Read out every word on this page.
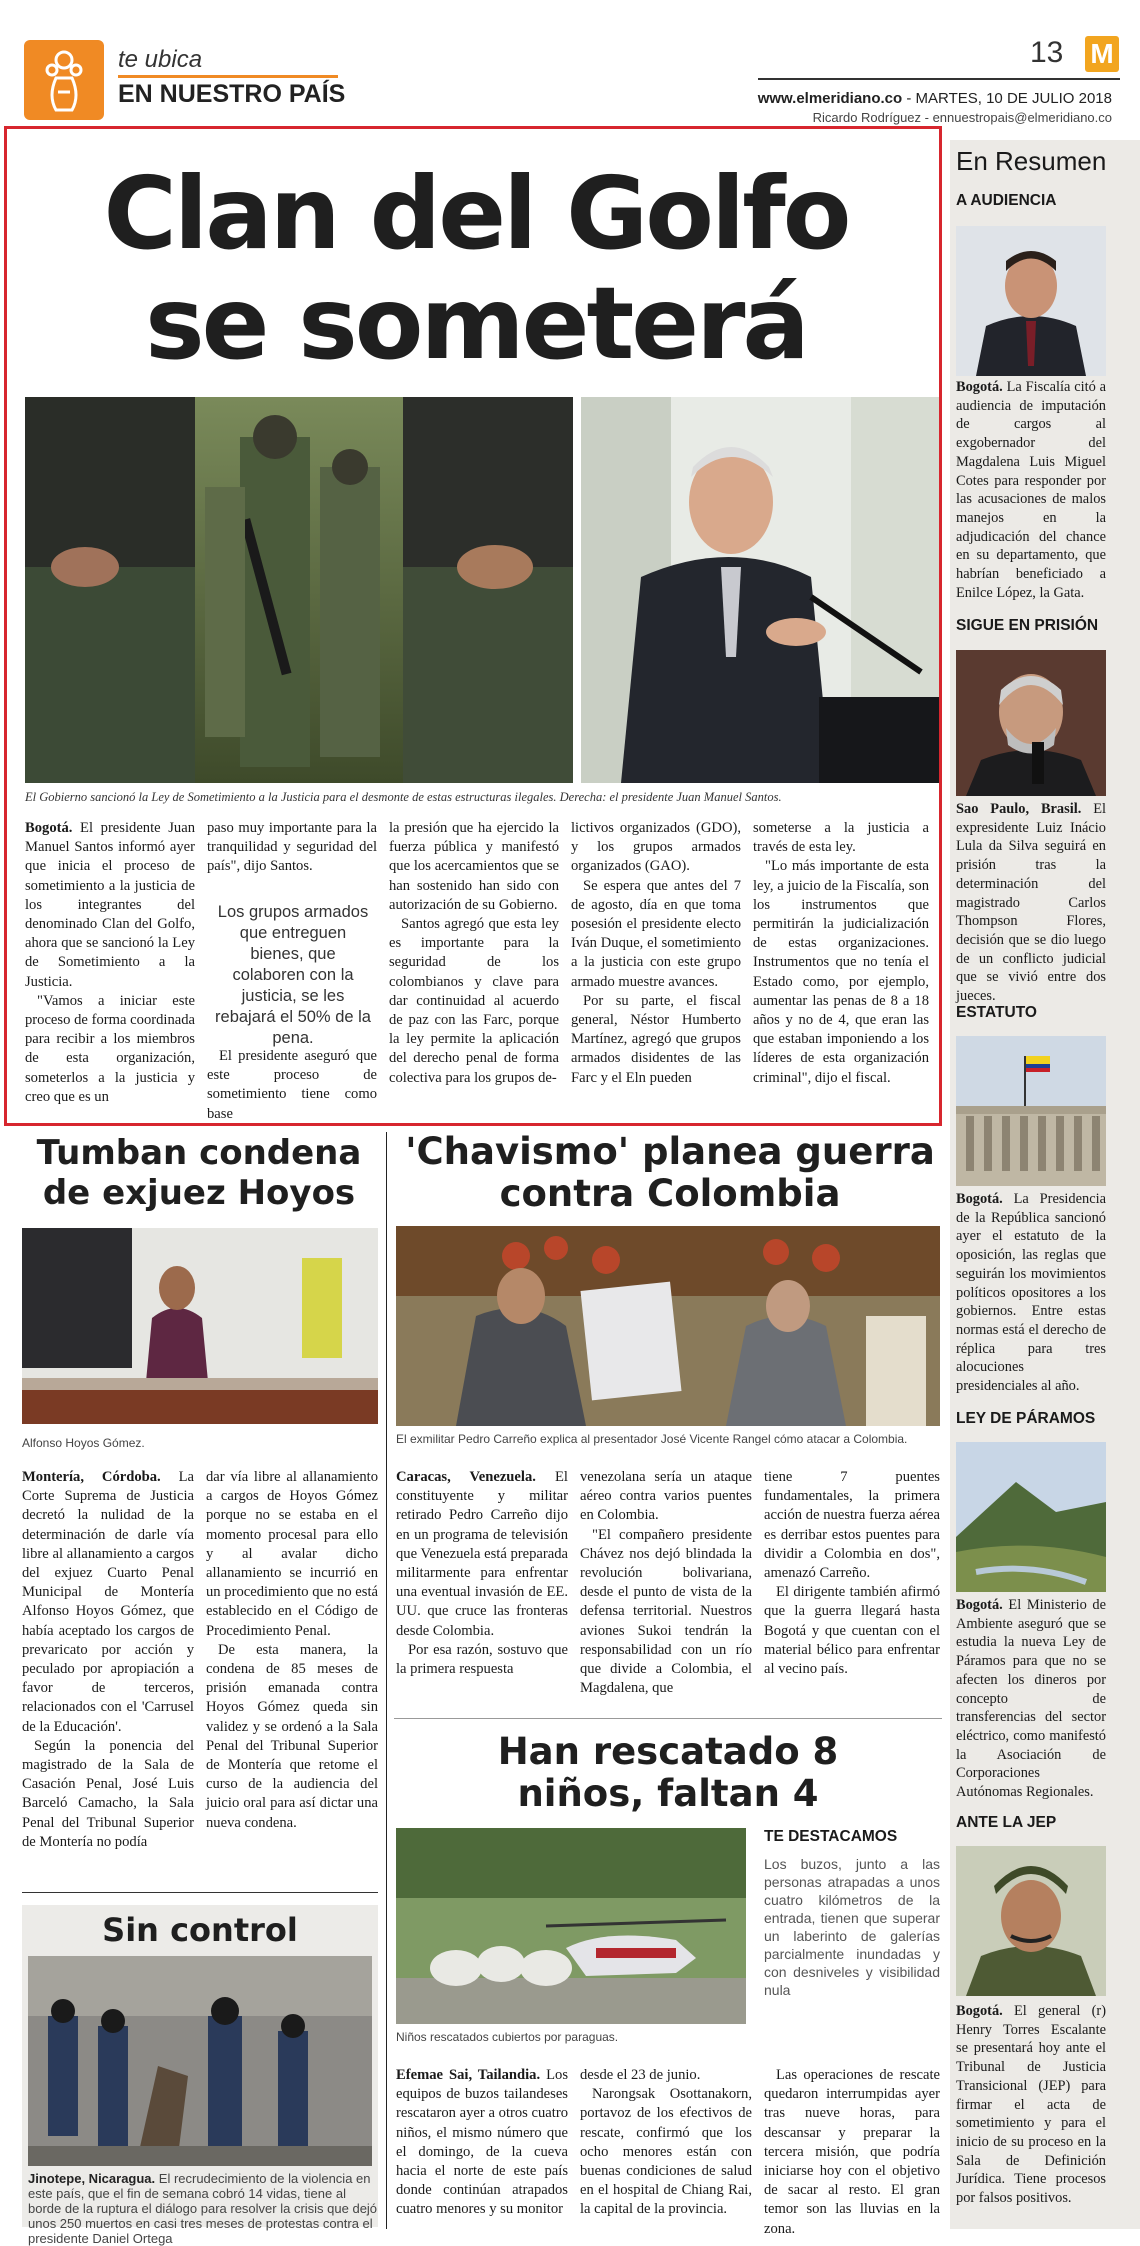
te ubica
EN NUESTRO PAÍS
13 M
www.elmeridiano.co - MARTES, 10 DE JULIO 2018
Ricardo Rodríguez - ennuestropais@elmeridiano.co
Clan del Golfo
se someterá
El Gobierno sancionó la Ley de Sometimiento a la Justicia para el desmonte de estas estructuras ilegales. Derecha: el presidente Juan Manuel Santos.

Bogotá. El presidente Juan Manuel Santos informó ayer que inicia el proceso de sometimiento a la justicia de los integrantes del denominado Clan del Golfo, ahora que se sancionó la Ley de Sometimiento a la Justicia.

"Vamos a iniciar este proceso de forma coordinada para recibir a los miembros de esta organización, someterlos a la justicia y creo que es un

paso muy importante para la tranquilidad y seguridad del país", dijo Santos.

Los grupos armados que entreguen bienes, que colaboren con la justicia, se les rebajará el 50% de la pena.

El presidente aseguró que este proceso de sometimiento tiene como base

la presión que ha ejercido la fuerza pública y manifestó que los acercamientos que se han sostenido han sido con autorización de su Gobierno.

Santos agregó que esta ley es importante para la seguridad de los colombianos y clave para dar continuidad al acuerdo de paz con las Farc, porque la ley permite la aplicación del derecho penal de forma colectiva para los grupos de-

lictivos organizados (GDO), y los grupos armados organizados (GAO).

Se espera que antes del 7 de agosto, día en que toma posesión el presidente electo Iván Duque, el sometimiento a la justicia con este grupo armado muestre avances.

Por su parte, el fiscal general, Néstor Humberto Martínez, agregó que grupos armados disidentes de las Farc y el Eln pueden

someterse a la justicia a través de esta ley.

"Lo más importante de esta ley, a juicio de la Fiscalía, son los instrumentos que permitirán la judicialización de estas organizaciones. Instrumentos que no tenía el Estado como, por ejemplo, aumentar las penas de 8 a 18 años y no de 4, que eran las que estaban imponiendo a los líderes de esta organización criminal", dijo el fiscal.

En Resumen
A AUDIENCIA
Bogotá. La Fiscalía citó a audiencia de imputación de cargos al exgobernador del Magdalena Luis Miguel Cotes para responder por las acusaciones de malos manejos en la adjudicación del chance en su departamento, que habrían beneficiado a Enilce López, la Gata.
SIGUE EN PRISIÓN
Sao Paulo, Brasil. El expresidente Luiz Inácio Lula da Silva seguirá en prisión tras la determinación del magistrado Carlos Thompson Flores, decisión que se dio luego de un conflicto judicial que se vivió entre dos jueces.
ESTATUTO
Bogotá. La Presidencia de la República sancionó ayer el estatuto de la oposición, las reglas que seguirán los movimientos políticos opositores a los gobiernos. Entre estas normas está el derecho de réplica para tres alocuciones presidenciales al año.
LEY DE PÁRAMOS
Bogotá. El Ministerio de Ambiente aseguró que se estudia la nueva Ley de Páramos para que no se afecten los dineros por concepto de transferencias del sector eléctrico, como manifestó la Asociación de Corporaciones Autónomas Regionales.
ANTE LA JEP
Bogotá. El general (r) Henry Torres Escalante se presentará hoy ante el Tribunal de Justicia Transicional (JEP) para firmar el acta de sometimiento y para el inicio de su proceso en la Sala de Definición Jurídica. Tiene procesos por falsos positivos.
Tumban condena
de exjuez Hoyos
Alfonso Hoyos Gómez.

Montería, Córdoba. La Corte Suprema de Justicia decretó la nulidad de la determinación de darle vía libre al allanamiento a cargos del exjuez Cuarto Penal Municipal de Montería Alfonso Hoyos Gómez, que había aceptado los cargos de prevaricato por acción y peculado por apropiación a favor de terceros, relacionados con el 'Carrusel de la Educación'.

Según la ponencia del magistrado de la Sala de Casación Penal, José Luis Barceló Camacho, la Sala Penal del Tribunal Superior de Montería no podía

dar vía libre al allanamiento a cargos de Hoyos Gómez porque no se estaba en el momento procesal para ello y al avalar dicho allanamiento se incurrió en un procedimiento que no está establecido en el Código de Procedimiento Penal.

De esta manera, la condena de 85 meses de prisión emanada contra Hoyos Gómez queda sin validez y se ordenó a la Sala Penal del Tribunal Superior de Montería que retome el curso de la audiencia del juicio oral para así dictar una nueva condena.

'Chavismo' planea guerra
contra Colombia
El exmilitar Pedro Carreño explica al presentador José Vicente Rangel cómo atacar a Colombia.

Caracas, Venezuela. El constituyente y militar retirado Pedro Carreño dijo en un programa de televisión que Venezuela está preparada militarmente para enfrentar una eventual invasión de EE. UU. que cruce las fronteras desde Colombia.

Por esa razón, sostuvo que la primera respuesta

venezolana sería un ataque aéreo contra varios puentes en Colombia.

"El compañero presidente Chávez nos dejó blindada la revolución bolivariana, desde el punto de vista de la defensa territorial. Nuestros aviones Sukoi tendrán la responsabilidad con un río que divide a Colombia, el Magdalena, que

tiene 7 puentes fundamentales, la primera acción de nuestra fuerza aérea es derribar estos puentes para dividir a Colombia en dos", amenazó Carreño.

El dirigente también afirmó que la guerra llegará hasta Bogotá y que cuentan con el material bélico para enfrentar al vecino país.

Han rescatado 8
niños, faltan 4
Niños rescatados cubiertos por paraguas.
TE DESTACAMOS
Los buzos, junto a las personas atrapadas a unos cuatro kilómetros de la entrada, tienen que superar un laberinto de galerías parcialmente inundadas y con desniveles y visibilidad nula

Efemae Sai, Tailandia. Los equipos de buzos tailandeses rescataron ayer a otros cuatro niños, el mismo número que el domingo, de la cueva hacia el norte de este país donde continúan atrapados cuatro menores y su monitor

desde el 23 de junio.

Narongsak Osottanakorn, portavoz de los efectivos de rescate, confirmó que los ocho menores están con buenas condiciones de salud en el hospital de Chiang Rai, la capital de la provincia.

Las operaciones de rescate quedaron interrumpidas ayer tras nueve horas, para descansar y preparar la tercera misión, que podría iniciarse hoy con el objetivo de sacar al resto. El gran temor son las lluvias en la zona.

Sin control
Jinotepe, Nicaragua. El recrudecimiento de la violencia en este país, que el fin de semana cobró 14 vidas, tiene al borde de la ruptura el diálogo para resolver la crisis que dejó unos 250 muertos en casi tres meses de protestas contra el presidente Daniel Ortega
